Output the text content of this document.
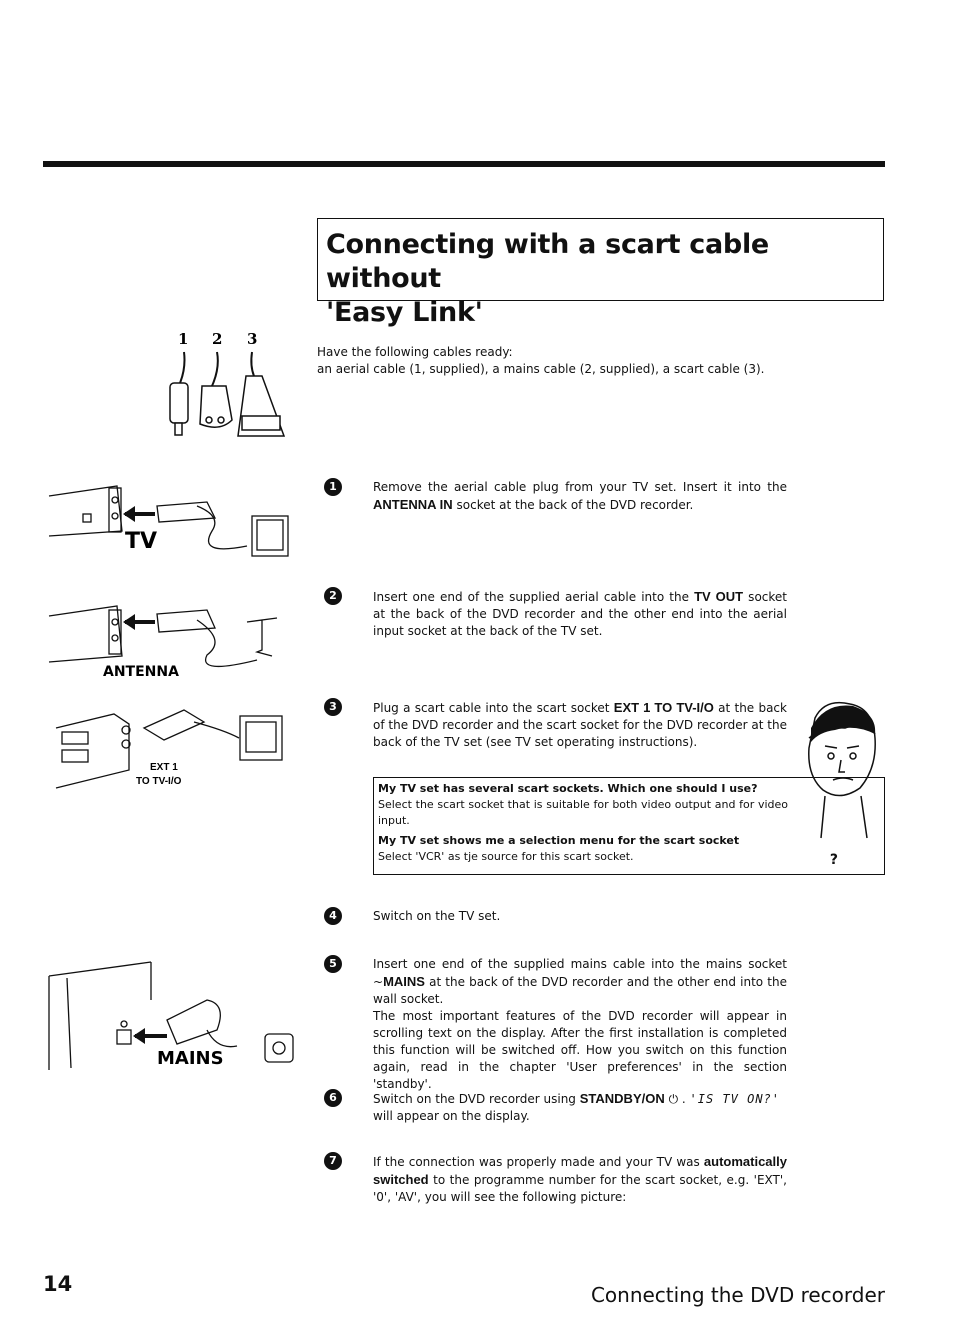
Connecting with a scart cable without
'Easy Link'
1 2 3
Have the following cables ready:
an aerial cable (1, supplied), a mains cable (2, supplied), a scart cable (3).
TV
1	Remove the aerial cable plug from your TV set. Insert it into the ANTENNA IN socket at the back of the DVD recorder.
ANTENNA
2	Insert one end of the supplied aerial cable into the TV OUT socket at the back of the DVD recorder and the other end into the aerial input socket at the back of the TV set.
EXT 1
TO TV-I/O
3	Plug a scart cable into the scart socket EXT 1 TO TV-I/O at the back of the DVD recorder and the scart socket for the DVD recorder at the back of the TV set (see TV set operating instructions).
My TV set has several scart sockets. Which one should I use?
Select the scart socket that is suitable for both video output and for video input.
My TV set shows me a selection menu for the scart socket
Select 'VCR' as tje source for this scart socket.	?
4	Switch on the TV set.
MAINS
5	Insert one end of the supplied mains cable into the mains socket ~MAINS at the back of the DVD recorder and the other end into the wall socket.
The most important features of the DVD recorder will appear in scrolling text on the display. After the first installation is completed this function will be switched off. How you switch on this function again, read in the chapter 'User preferences' in the section 'standby'.
6	Switch on the DVD recorder using STANDBY/ON ⏻ . 'IS TV ON?'
will appear on the display.
7	If the connection was properly made and your TV was automatically switched to the programme number for the scart socket, e.g. 'EXT', '0', 'AV', you will see the following picture:
14	Connecting the DVD recorder
